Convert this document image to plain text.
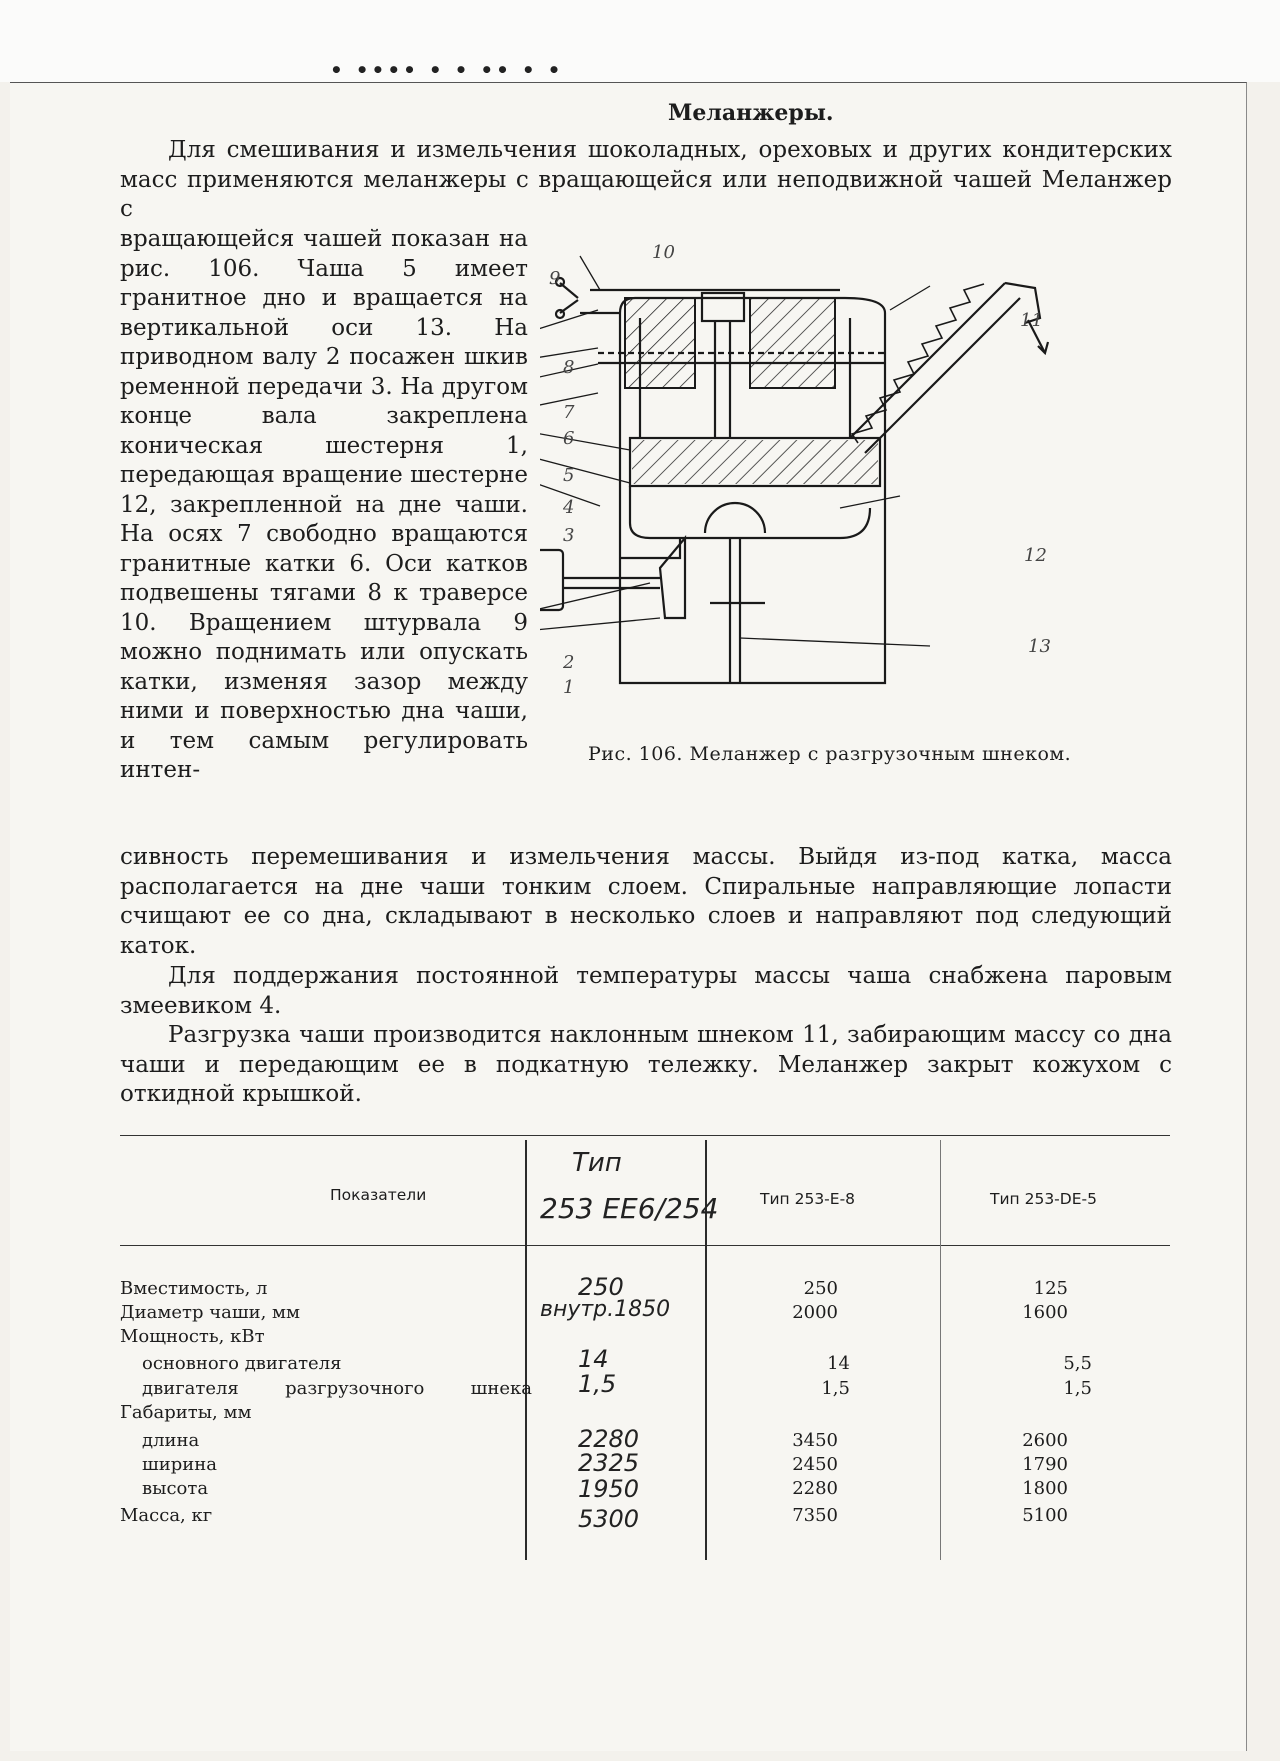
• •••• • • •• • •
Меланжеры.
Для смешивания и измельчения шоколадных, ореховых и других кондитерских масс применяются меланжеры с вращающейся или неподвижной чашей Меланжер с
вращающейся чашей показан на рис. 106. Чаша 5 имеет гранитное дно и вращается на вертикальной оси 13. На приводном валу 2 посажен шкив ременной передачи 3. На другом конце вала закреплена коническая шестерня 1, передающая вращение шестерне 12, закрепленной на дне чаши. На осях 7 свободно вращаются гранитные катки 6. Оси катков подвешены тягами 8 к траверсе 10. Вращением штурвала 9 можно поднимать или опускать катки, изменяя зазор между ними и поверхностью дна чаши, и тем самым регулировать интен-
сивность перемешивания и измельчения массы. Выйдя из-под катка, масса располагается на дне чаши тонким слоем. Спиральные направляющие лопасти счищают ее со дна, складывают в несколько слоев и направляют под следующий каток.
Для поддержания постоянной температуры массы чаша снабжена паровым змеевиком 4.
Разгрузка чаши производится наклонным шнеком 11, забирающим массу со дна чаши и передающим ее в подкатную тележку. Меланжер закрыт кожухом с откидной крышкой.
10
9
8
7
6
5
4
3
2
1
11
12
13
Рис. 106. Меланжер с разгрузочным шнеком.
Показатели
Тип
253 ЕЕ6/254	Тип 253-Е-8	Тип 253-DE-5
Вместимость, л	250	250	125
Диаметр чаши, мм	внутр.1850	2000	1600
Мощность, кВт
основного двигателя	14	14	5,5
двигателя разгрузочного шнека 1,5	1,5	1,5
Габариты, мм
длина	2280	3450	2600
ширина	2325	2450	1790
высота	1950	2280	1800
Масса, кг	5300	7350	5100
